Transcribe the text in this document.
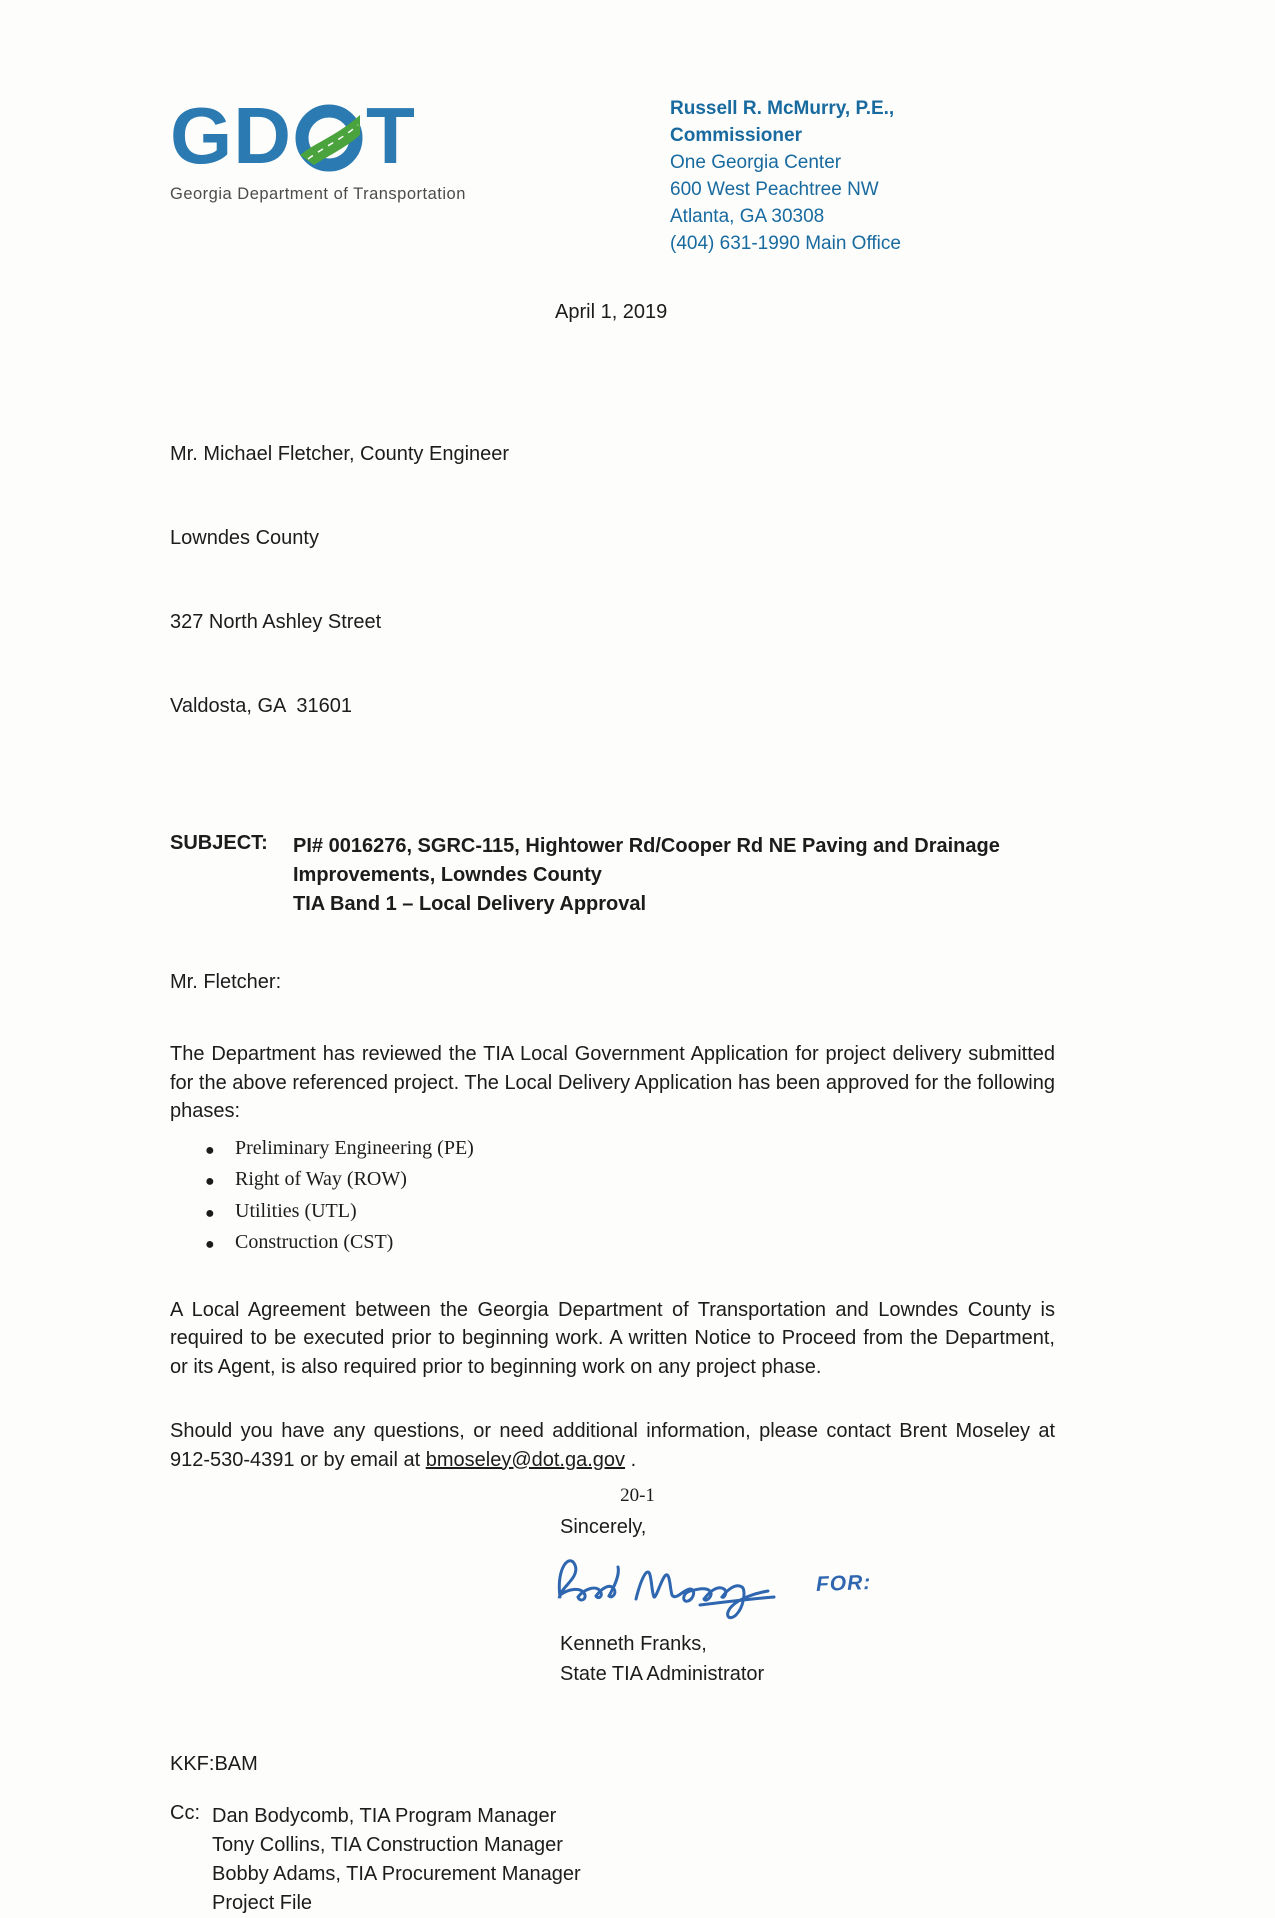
G D T
Georgia Department of Transportation
Russell R. McMurry, P.E., Commissioner
One Georgia Center
600 West Peachtree NW
Atlanta, GA 30308
(404) 631-1990 Main Office
April 1, 2019

Mr. Michael Fletcher, County Engineer

Lowndes County

327 North Ashley Street

Valdosta, GA  31601

SUBJECT:	PI# 0016276, SGRC-115, Hightower Rd/Cooper Rd NE Paving and Drainage
Improvements, Lowndes County
TIA Band 1 – Local Delivery Approval
Mr. Fletcher:
The Department has reviewed the TIA Local Government Application for project delivery submitted for the above referenced project. The Local Delivery Application has been approved for the following phases:
●	Preliminary Engineering (PE)
●	Right of Way (ROW)
●	Utilities (UTL)
●	Construction (CST)
A Local Agreement between the Georgia Department of Transportation and Lowndes County is required to be executed prior to beginning work. A written Notice to Proceed from the Department, or its Agent, is also required prior to beginning work on any project phase.
Should you have any questions, or need additional information, please contact Brent Moseley at 912-530-4391 or by email at bmoseley@dot.ga.gov .
Sincerely,
FOR:
Kenneth Franks,
State TIA Administrator
KKF:BAM
Cc: Dan Bodycomb, TIA Program Manager
Tony Collins, TIA Construction Manager
Bobby Adams, TIA Procurement Manager
Project File
20-1
